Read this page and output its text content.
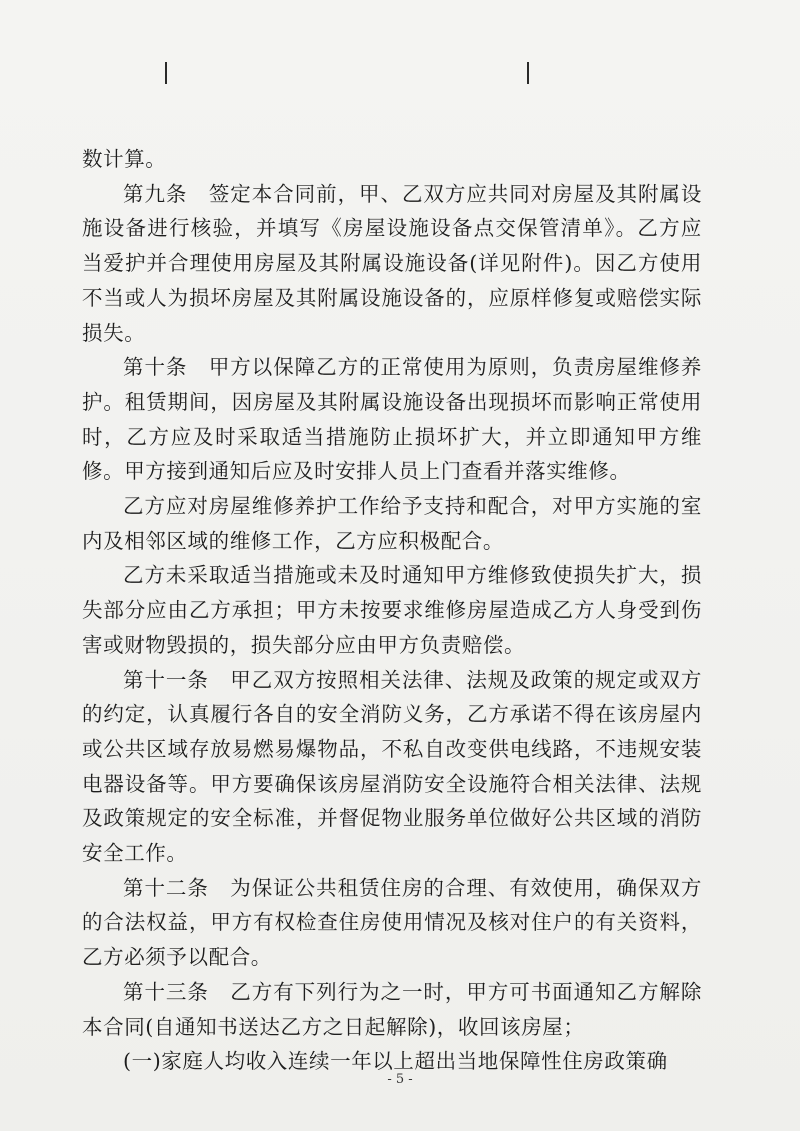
数计算。

第九条　签定本合同前，甲、乙双方应共同对房屋及其附属设施设备进行核验，并填写《房屋设施设备点交保管清单》。乙方应当爱护并合理使用房屋及其附属设施设备(详见附件)。因乙方使用不当或人为损坏房屋及其附属设施设备的，应原样修复或赔偿实际损失。

第十条　甲方以保障乙方的正常使用为原则，负责房屋维修养护。租赁期间，因房屋及其附属设施设备出现损坏而影响正常使用时，乙方应及时采取适当措施防止损坏扩大，并立即通知甲方维修。甲方接到通知后应及时安排人员上门查看并落实维修。

乙方应对房屋维修养护工作给予支持和配合，对甲方实施的室内及相邻区域的维修工作，乙方应积极配合。

乙方未采取适当措施或未及时通知甲方维修致使损失扩大，损失部分应由乙方承担；甲方未按要求维修房屋造成乙方人身受到伤害或财物毁损的，损失部分应由甲方负责赔偿。

第十一条　甲乙双方按照相关法律、法规及政策的规定或双方的约定，认真履行各自的安全消防义务，乙方承诺不得在该房屋内或公共区域存放易燃易爆物品，不私自改变供电线路，不违规安装电器设备等。甲方要确保该房屋消防安全设施符合相关法律、法规及政策规定的安全标准，并督促物业服务单位做好公共区域的消防安全工作。

第十二条　为保证公共租赁住房的合理、有效使用，确保双方的合法权益，甲方有权检查住房使用情况及核对住户的有关资料，乙方必须予以配合。

第十三条　乙方有下列行为之一时，甲方可书面通知乙方解除本合同(自通知书送达乙方之日起解除)，收回该房屋；

(一)家庭人均收入连续一年以上超出当地保障性住房政策确

- 5 -
